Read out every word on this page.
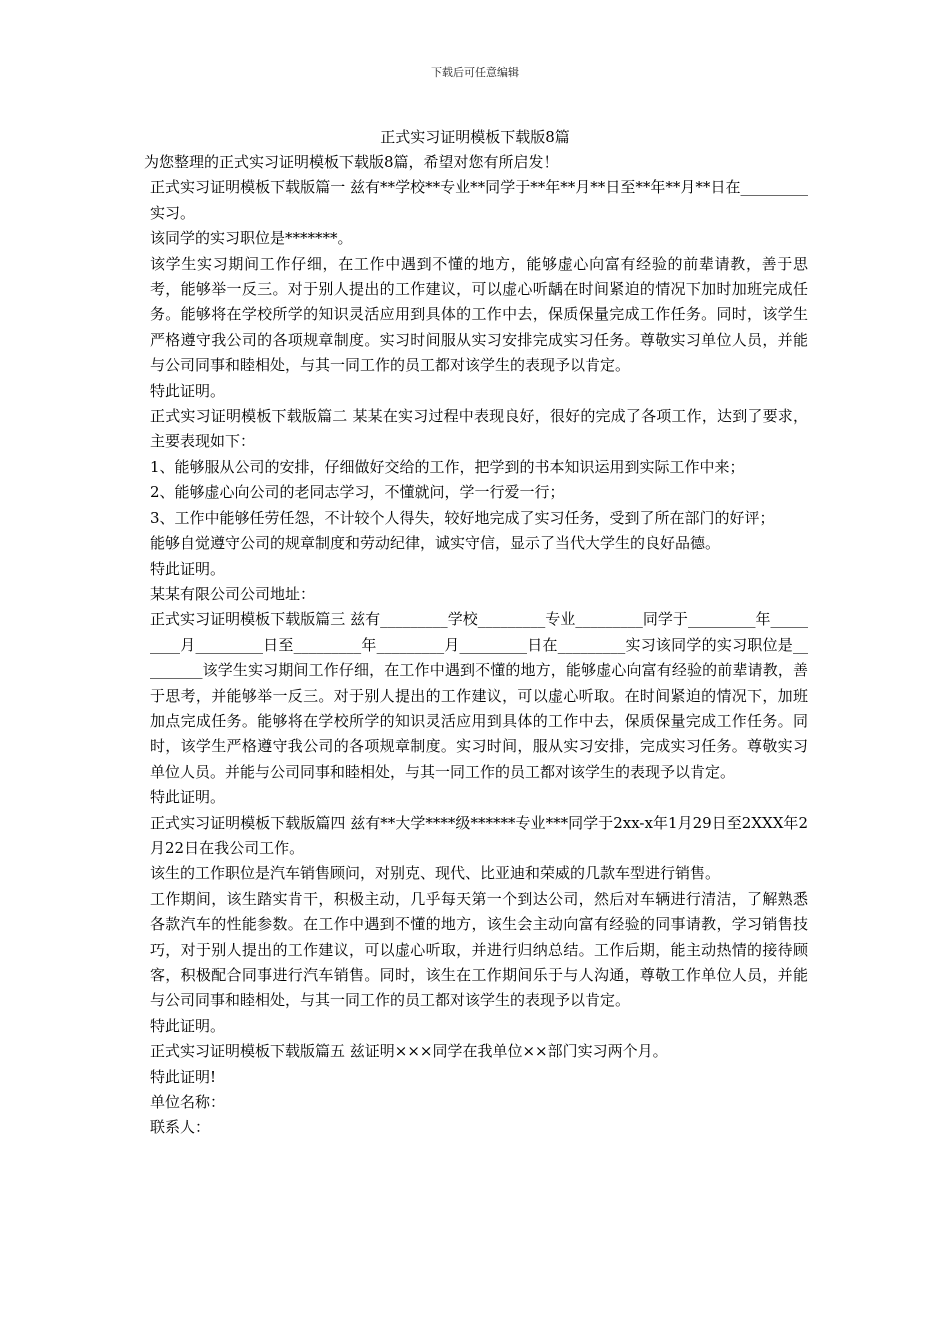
下载后可任意编辑
正式实习证明模板下载版8篇

为您整理的正式实习证明模板下载版8篇，希望对您有所启发！

正式实习证明模板下载版篇一 兹有**学校**专业**同学于**年**月**日至**年**月**日在_________实习。

该同学的实习职位是*******。

该学生实习期间工作仔细，在工作中遇到不懂的地方，能够虚心向富有经验的前辈请教，善于思考，能够举一反三。对于别人提出的工作建议，可以虚心听龋在时间紧迫的情况下加时加班完成任务。能够将在学校所学的知识灵活应用到具体的工作中去，保质保量完成工作任务。同时，该学生严格遵守我公司的各项规章制度。实习时间服从实习安排完成实习任务。尊敬实习单位人员，并能与公司同事和睦相处，与其一同工作的员工都对该学生的表现予以肯定。

特此证明。

正式实习证明模板下载版篇二 某某在实习过程中表现良好，很好的完成了各项工作，达到了要求，主要表现如下：

1、能够服从公司的安排，仔细做好交给的工作，把学到的书本知识运用到实际工作中来；

2、能够虚心向公司的老同志学习，不懂就问，学一行爱一行；

3、工作中能够任劳任怨，不计较个人得失，较好地完成了实习任务，受到了所在部门的好评；

能够自觉遵守公司的规章制度和劳动纪律，诚实守信，显示了当代大学生的良好品德。

特此证明。

某某有限公司公司地址：

正式实习证明模板下载版篇三 兹有_________学校_________专业_________同学于_________年_________月_________日至_________年_________月_________日在_________实习该同学的实习职位是_________该学生实习期间工作仔细，在工作中遇到不懂的地方，能够虚心向富有经验的前辈请教，善于思考，并能够举一反三。对于别人提出的工作建议，可以虚心听取。在时间紧迫的情况下，加班加点完成任务。能够将在学校所学的知识灵活应用到具体的工作中去，保质保量完成工作任务。同时，该学生严格遵守我公司的各项规章制度。实习时间，服从实习安排，完成实习任务。尊敬实习单位人员。并能与公司同事和睦相处，与其一同工作的员工都对该学生的表现予以肯定。

特此证明。

正式实习证明模板下载版篇四 兹有**大学****级******专业***同学于2xx-x年1月29日至2XXX年2月22日在我公司工作。

该生的工作职位是汽车销售顾问，对别克、现代、比亚迪和荣威的几款车型进行销售。

工作期间，该生踏实肯干，积极主动，几乎每天第一个到达公司，然后对车辆进行清洁，了解熟悉各款汽车的性能参数。在工作中遇到不懂的地方，该生会主动向富有经验的同事请教，学习销售技巧，对于别人提出的工作建议，可以虚心听取，并进行归纳总结。工作后期，能主动热情的接待顾客，积极配合同事进行汽车销售。同时，该生在工作期间乐于与人沟通，尊敬工作单位人员，并能与公司同事和睦相处，与其一同工作的员工都对该学生的表现予以肯定。

特此证明。

正式实习证明模板下载版篇五 兹证明×××同学在我单位××部门实习两个月。

特此证明!

单位名称：

联系人：
